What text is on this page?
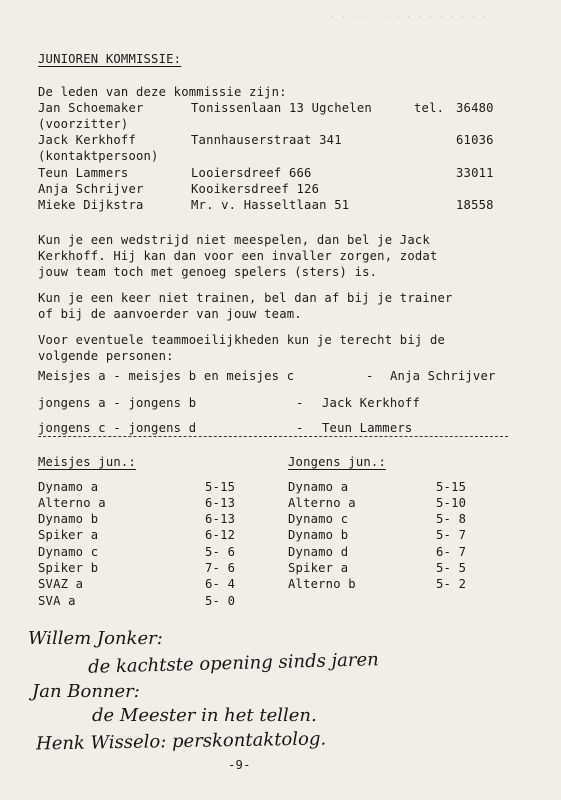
. . . . . . . . . . . . . . .
JUNIOREN KOMMISSIE:
De leden van deze kommissie zijn:
Jan Schoemaker	Tonissenlaan 13 Ugchelen	tel. 36480
(voorzitter)
Jack Kerkhoff	Tannhauserstraat 341	61036
(kontaktpersoon)
Teun Lammers	Looiersdreef 666	33011
Anja Schrijver	Kooikersdreef 126
Mieke Dijkstra	Mr. v. Hasseltlaan 51	18558
Kun je een wedstrijd niet meespelen, dan bel je Jack
Kerkhoff. Hij kan dan voor een invaller zorgen, zodat
jouw team toch met genoeg spelers (sters) is.
Kun je een keer niet trainen, bel dan af bij je trainer
of bij de aanvoerder van jouw team.
Voor eventuele teammoeilijkhеden kun je terecht bij de
volgende personen:
Meisjes a - meisjes b en meisjes c	- Anja Schrijver
jongens a - jongens b	- Jack Kerkhoff
jongens c - jongens d	- Teun Lammers
Meisjes jun.:
Dynamo a	5-15
Alterno a	6-13
Dynamo b	6-13
Spiker a	6-12
Dynamo c	5- 6
Spiker b	7- 6
SVAZ a	6- 4
SVA a	5- 0
Jongens jun.:
Dynamo a	5-15
Alterno a	5-10
Dynamo c	5- 8
Dynamo b	5- 7
Dynamo d	6- 7
Spiker a	5- 5
Alterno b	5- 2
Willem Jonker:
de kachtste opening sinds jaren
Jan Bonner:
de Meester in het tellen.
Henk Wisselo: perskontaktolog.
-9-
